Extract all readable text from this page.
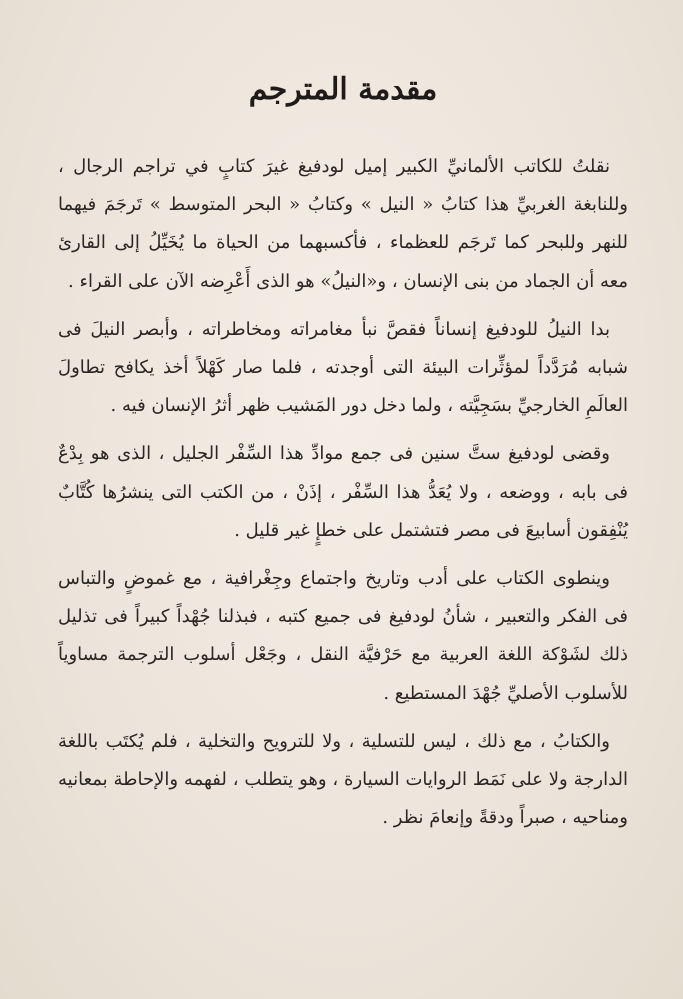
مقدمة المترجم

نقلتُ للكاتب الألمانيِّ الكبير إميل لودفيغ غيرَ كتابٍ في تراجم الرجال ، وللنابغة الغربيِّ هذا كتابُ « النيل » وكتابُ « البحر المتوسط » تَرجَمَ فيهما للنهر وللبحر كما تَرجَم للعظماء ، فأكسبهما من الحياة ما يُخَيِّلُ إلى القارئ معه أن الجماد من بنى الإنسان ، و«النيلُ» هو الذى أَعْرِضه الآن على القراء .

بدا النيلُ للودفيغ إنساناً فقصَّ نبأ مغامراته ومخاطراته ، وأبصر النيلَ فى شبابه مُرَدَّداً لمؤثِّرات البيئة التى أوجدته ، فلما صار كَهْلاً أخذ يكافح تطاولَ العالَمِ الخارجيِّ بسَجِيَّته ، ولما دخل دور المَشيب ظهر أثرُ الإنسان فيه .

وقضى لودفيغ ستَّ سنين فى جمع موادِّ هذا السِّفْر الجليل ، الذى هو بِدْعٌ فى بابه ، ووضعه ، ولا يُعَدُّ هذا السِّفْر ، إذَنْ ، من الكتب التى ينشرُها كُتَّابٌ يُنْفِقون أسابيعَ فى مصر فتشتمل على خطإٍ غير قليل .

وينطوى الكتاب على أدب وتاريخ واجتماع وجِغْرافية ، مع غموضٍ والتباس فى الفكر والتعبير ، شأنُ لودفيغ فى جميع كتبه ، فبذلنا جُهْداً كبيراً فى تذليل ذلك لشَوْكة اللغة العربية مع حَرْفيَّة النقل ، وجَعْل أسلوب الترجمة مساوياً للأسلوب الأصليِّ جُهْدَ المستطيع .

والكتابُ ، مع ذلك ، ليس للتسلية ، ولا للترويح والتخلية ، فلم يُكتَب باللغة الدارجة ولا على نَمَط الروايات السيارة ، وهو يتطلب ، لفهمه والإحاطة بمعانيه ومناحيه ، صبراً ودقةً وإنعامَ نظر .
